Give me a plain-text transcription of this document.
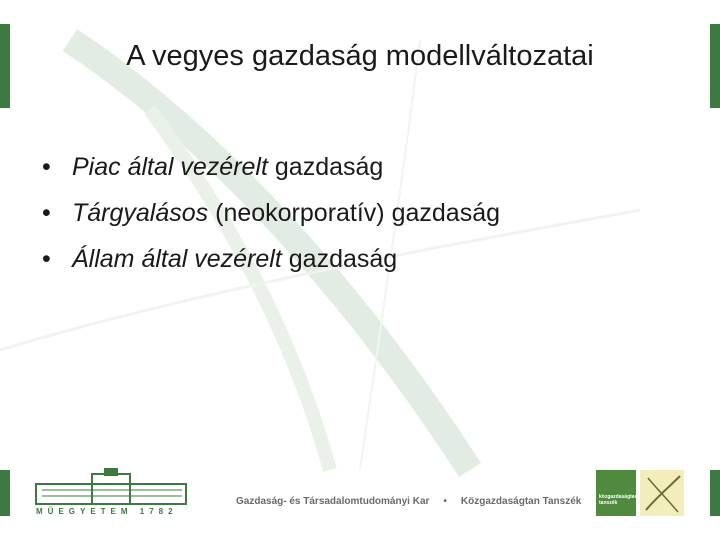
A vegyes gazdaság modellváltozatai
• Piac által vezérelt gazdaság
• Tárgyalásos (neokorporatív) gazdaság
• Állam által vezérelt gazdaság
MŰEGYETEM 1782
Gazdaság- és Társadalomtudományi Kar • Közgazdaságtan Tanszék	közgazdaságtan
tanszék
